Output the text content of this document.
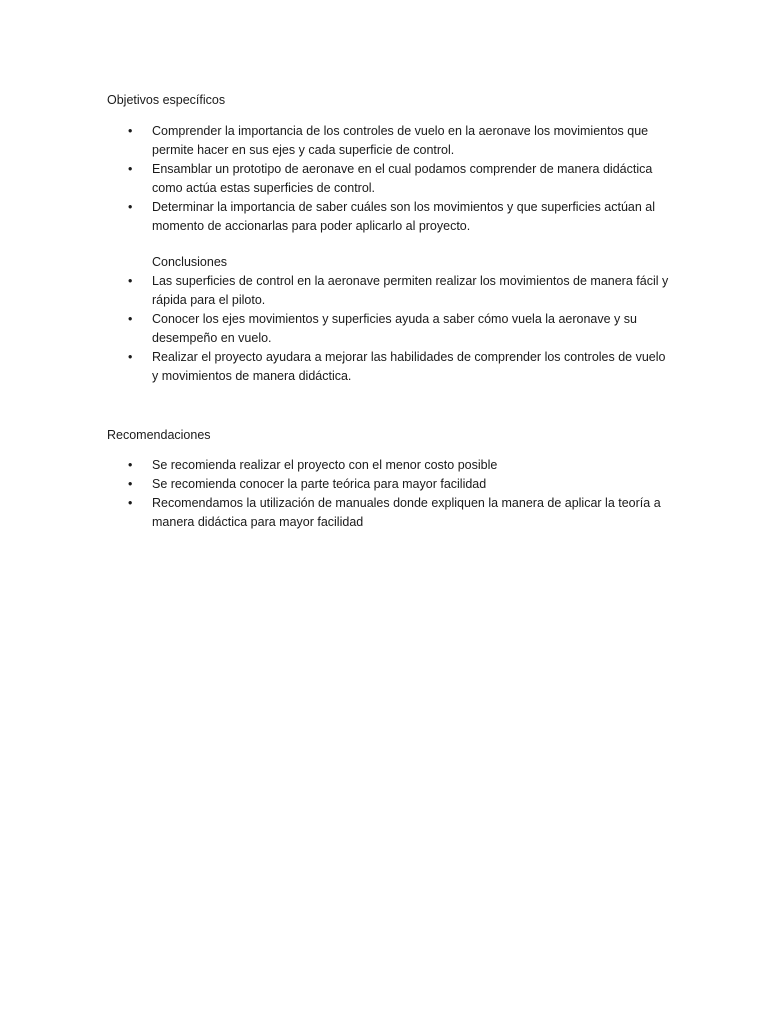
Objetivos específicos
• Comprender la importancia de los controles de vuelo en la aeronave los movimientos que permite hacer en sus ejes y cada superficie de control.
• Ensamblar un prototipo de aeronave en el cual podamos comprender de manera didáctica como actúa estas superficies de control.
• Determinar la importancia de saber cuáles son los movimientos y que superficies actúan al momento de accionarlas para poder aplicarlo al proyecto.
Conclusiones
• Las superficies de control en la aeronave permiten realizar los movimientos de manera fácil y rápida para el piloto.
• Conocer los ejes movimientos y superficies ayuda a saber cómo vuela la aeronave y su desempeño en vuelo.
• Realizar el proyecto ayudara a mejorar las habilidades de comprender los controles de vuelo y movimientos de manera didáctica.
Recomendaciones
• Se recomienda realizar el proyecto con el menor costo posible
• Se recomienda conocer la parte teórica para mayor facilidad
• Recomendamos la utilización de manuales donde expliquen la manera de aplicar la teoría a manera didáctica para mayor facilidad
